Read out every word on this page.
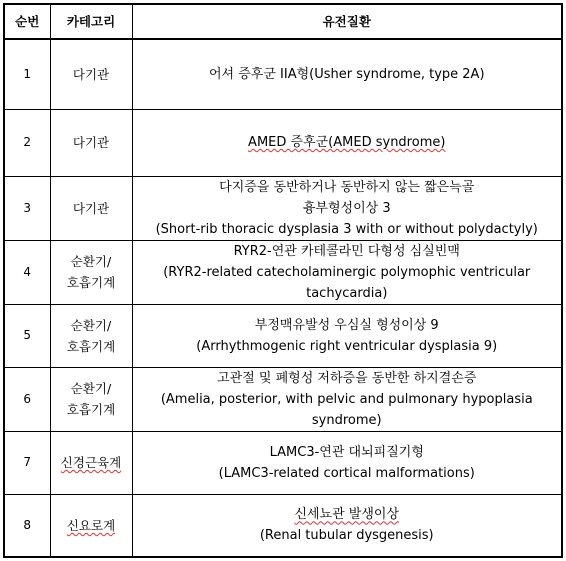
순번	카테고리	유전질환
1	다기관	어셔 증후군 IIA형(Usher syndrome, type 2A)

2	다기관	AMED 증후군(AMED syndrome)

3	다기관	다지증을 동반하거나 동반하지 않는 짧은늑골
흉부형성이상 3
(Short-rib thoracic dysplasia 3 with or without polydactyly)

4	순환기/
호흡기계	RYR2-연관 카테콜라민 다형성 심실빈맥
(RYR2-related catecholaminergic polymophic ventricular
tachycardia)

5	순환기/
호흡기계	부정맥유발성 우심실 형성이상 9
(Arrhythmogenic right ventricular dysplasia 9)

6	순환기/
호흡기계	고관절 및 폐형성 저하증을 동반한 하지결손증
(Amelia, posterior, with pelvic and pulmonary hypoplasia
syndrome)

7	신경근육계	LAMC3-연관 대뇌피질기형
(LAMC3-related cortical malformations)

8	신요로계	신세뇨관 발생이상
(Renal tubular dysgenesis)
